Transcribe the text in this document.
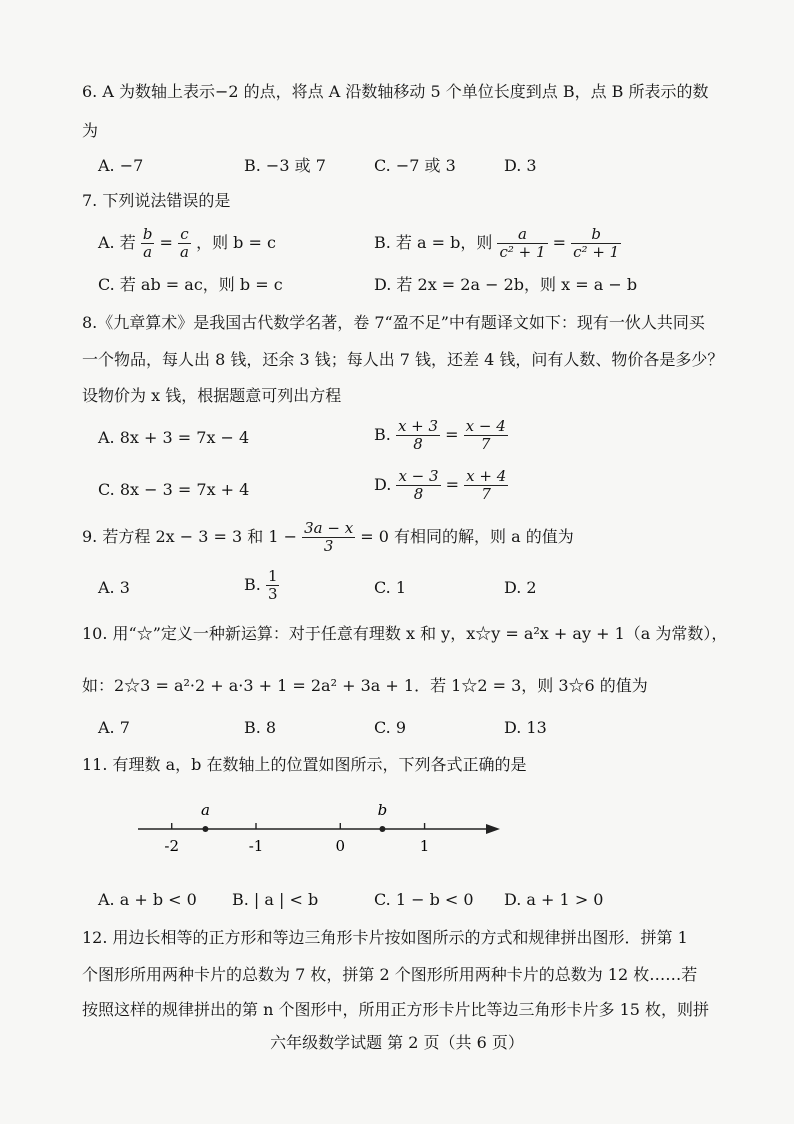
6. A 为数轴上表示−2 的点，将点 A 沿数轴移动 5 个单位长度到点 B，点 B 所表示的数
为
A. −7	B. −3 或 7	C. −7 或 3	D. 3
7. 下列说法错误的是
A. 若 $\frac{b}{a} = \frac{c}{a}$ ，则 b = c	B. 若 a = b，则 $\frac{a}{\text{c² + 1}} = \frac{b}{\text{c² + 1}}$
C. 若 ab = ac，则 b = c	D. 若 2x = 2a − 2b，则 x = a − b
8.《九章算术》是我国古代数学名著，卷 7“盈不足”中有题译文如下：现有一伙人共同买
一个物品，每人出 8 钱，还余 3 钱；每人出 7 钱，还差 4 钱，问有人数、物价各是多少？
设物价为 x 钱，根据题意可列出方程
A. 8x + 3 = 7x − 4	B. $\frac{x + 3}{8} = \frac{x - 4}{7}$
C. 8x − 3 = 7x + 4	D. $\frac{x - 3}{8} = \frac{x + 4}{7}$
9. 若方程 2x − 3 = 3 和 $1 - \frac{3a - x}{3} = 0$ 有相同的解，则 a 的值为
A. 3	B. $\frac{1}{3}$	C. 1	D. 2
10. 用“☆”定义一种新运算：对于任意有理数 x 和 y，x☆y = a²x + ay + 1（a 为常数），
如：2☆3 = a²·2 + a·3 + 1 = 2a² + 3a + 1．若 1☆2 = 3，则 3☆6 的值为
A. 7	B. 8	C. 9	D. 13
11. 有理数 a，b 在数轴上的位置如图所示，下列各式正确的是
-2	-1	0	1
a	b
A. a + b < 0 B. | a | < b	C. 1 − b < 0 D. a + 1 > 0
12. 用边长相等的正方形和等边三角形卡片按如图所示的方式和规律拼出图形．拼第 1
个图形所用两种卡片的总数为 7 枚，拼第 2 个图形所用两种卡片的总数为 12 枚……若
按照这样的规律拼出的第 n 个图形中，所用正方形卡片比等边三角形卡片多 15 枚，则拼
六年级数学试题 第 2 页（共 6 页）
